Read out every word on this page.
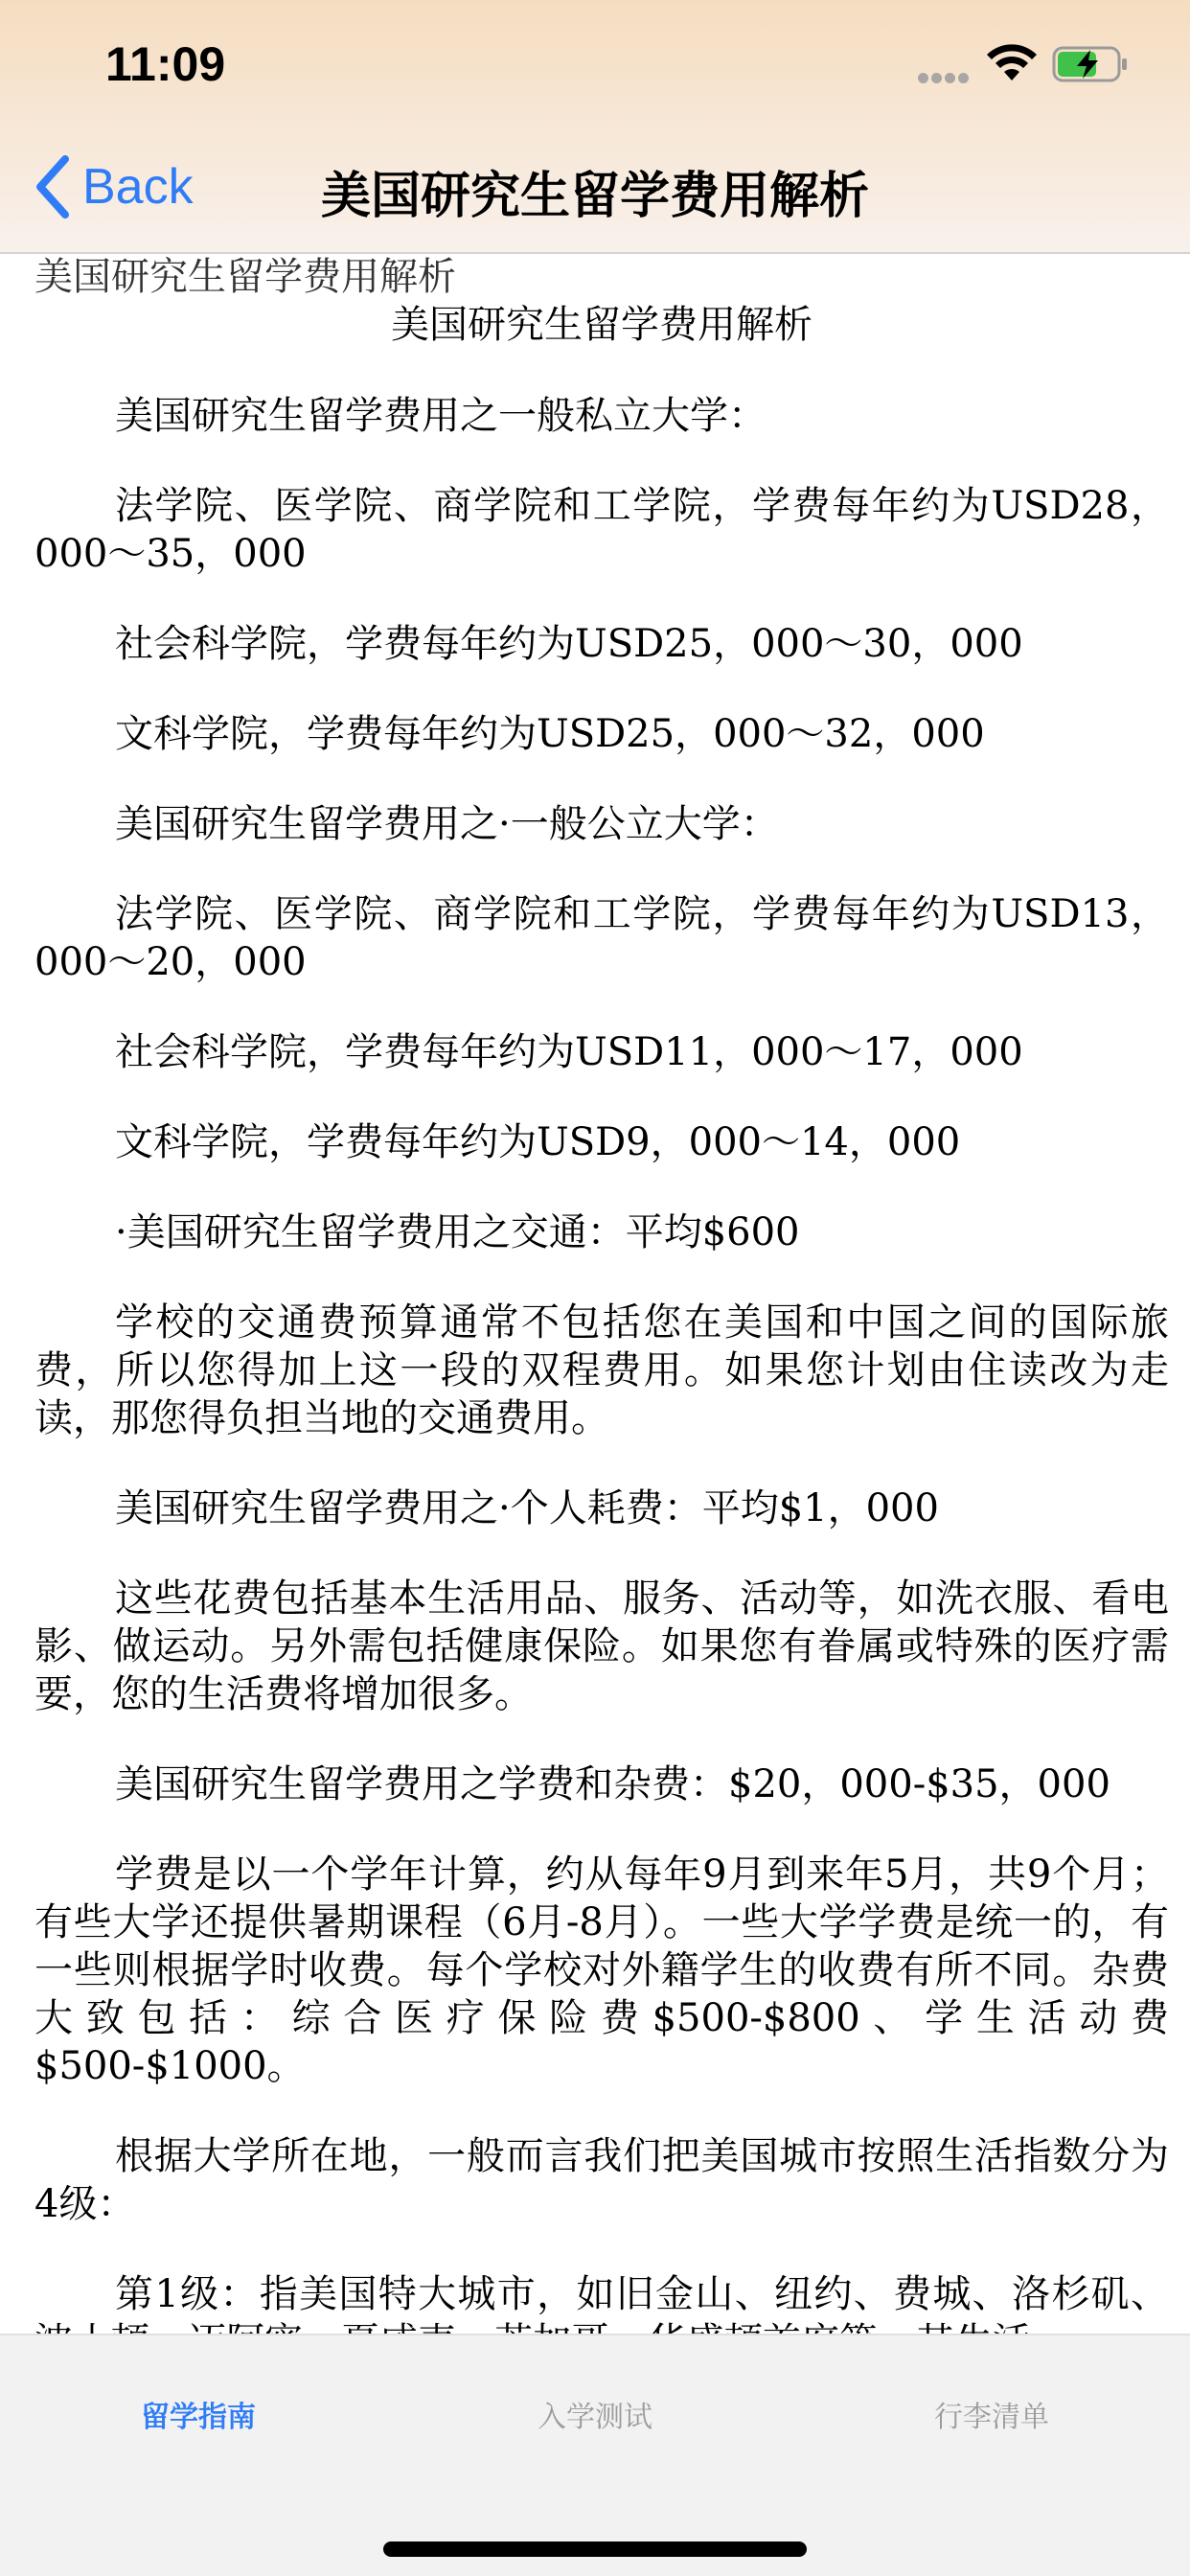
11:09
Back	美国研究生留学费用解析
美国研究生留学费用解析
美国研究生留学费用解析

美国研究生留学费用之一般私立大学：

法学院、医学院、商学院和工学院，学费每年约为USD28，000～35，000

社会科学院，学费每年约为USD25，000～30，000

文科学院，学费每年约为USD25，000～32，000

美国研究生留学费用之·一般公立大学：

法学院、医学院、商学院和工学院，学费每年约为USD13，000～20，000

社会科学院，学费每年约为USD11，000～17，000

文科学院，学费每年约为USD9，000～14，000

·美国研究生留学费用之交通：平均$600

学校的交通费预算通常不包括您在美国和中国之间的国际旅费，所以您得加上这一段的双程费用。如果您计划由住读改为走读，那您得负担当地的交通费用。

美国研究生留学费用之·个人耗费：平均$1，000

这些花费包括基本生活用品、服务、活动等，如洗衣服、看电影、做运动。另外需包括健康保险。如果您有眷属或特殊的医疗需要，您的生活费将增加很多。

美国研究生留学费用之学费和杂费：$20，000-$35，000

学费是以一个学年计算，约从每年9月到来年5月，共9个月；有些大学还提供暑期课程（6月-8月）。一些大学学费是统一的，有一些则根据学时收费。每个学校对外籍学生的收费有所不同。杂费大致包括：综合医疗保险费$500-$800、学生活动费$500-$1000。

根据大学所在地，一般而言我们把美国城市按照生活指数分为4级：

第1级：指美国特大城市，如旧金山、纽约、费城、洛杉矶、

留学指南	入学测试	行李清单
